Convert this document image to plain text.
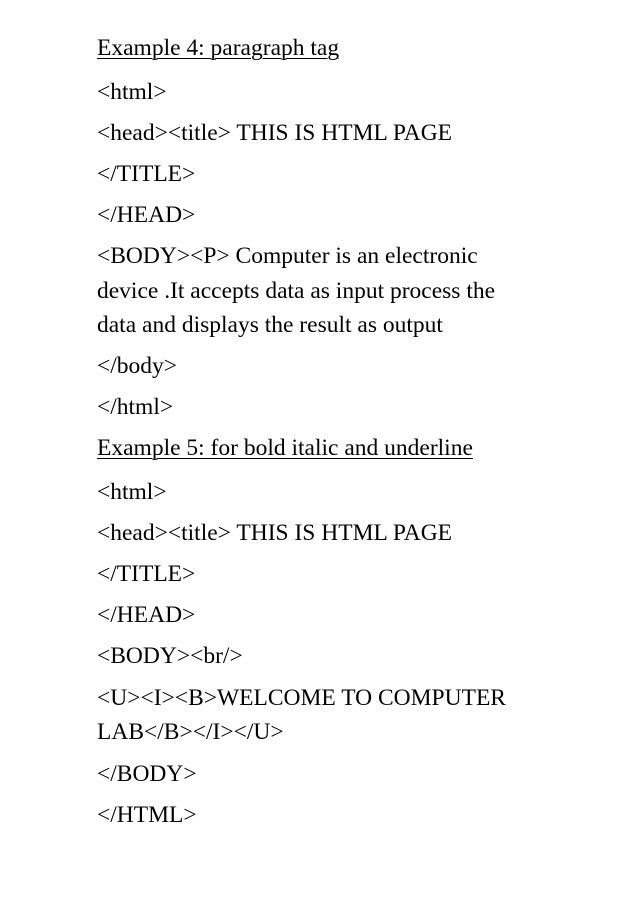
Example 4: paragraph tag
<html>
<head><title> THIS IS HTML PAGE
</TITLE>
</HEAD>
<BODY><P> Computer is an electronic
device .It accepts data as input process the
data and displays the result as output
</body>
</html>
Example 5: for bold italic and underline
<html>
<head><title> THIS IS HTML PAGE
</TITLE>
</HEAD>
<BODY><br/>
<U><I><B>WELCOME TO COMPUTER
LAB</B></I></U>
</BODY>
</HTML>
